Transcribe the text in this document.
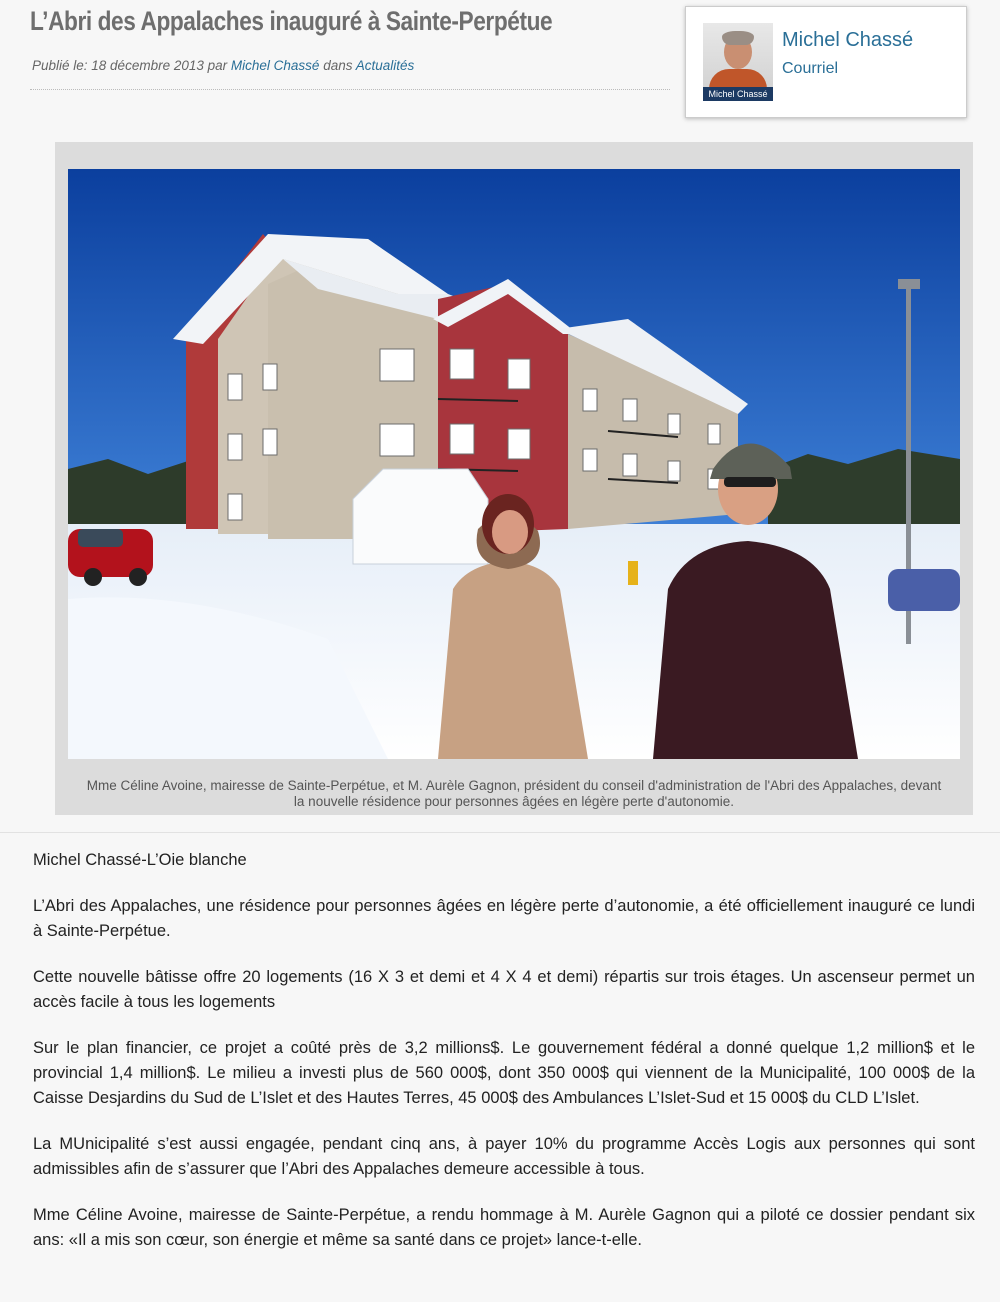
L’Abri des Appalaches inauguré à Sainte-Perpétue
Publié le: 18 décembre 2013 par Michel Chassé dans Actualités
Michel Chassé
Michel Chassé
Courriel
Mme Céline Avoine, mairesse de Sainte-Perpétue, et M. Aurèle Gagnon, président du conseil d'administration de l'Abri des Appalaches, devant la nouvelle résidence pour personnes âgées en légère perte d'autonomie.

Michel Chassé-L’Oie blanche

L’Abri des Appalaches, une résidence pour personnes âgées en légère perte d’autonomie, a été officiellement inauguré ce lundi à Sainte-Perpétue.

Cette nouvelle bâtisse offre 20 logements (16 X 3 et demi et 4 X 4 et demi) répartis sur trois étages. Un ascenseur permet un accès facile à tous les logements

Sur le plan financier, ce projet a coûté près de 3,2 millions$. Le gouvernement fédéral a donné quelque 1,2 million$ et le provincial 1,4 million$. Le milieu a investi plus de 560 000$, dont 350 000$ qui viennent de la Municipalité, 100 000$ de la Caisse Desjardins du Sud de L’Islet et des Hautes Terres, 45 000$ des Ambulances L’Islet-Sud et 15 000$ du CLD L’Islet.

La MUnicipalité s’est aussi engagée, pendant cinq ans, à payer 10% du programme Accès Logis aux personnes qui sont admissibles afin de s’assurer que l’Abri des Appalaches demeure accessible à tous.

Mme Céline Avoine, mairesse de Sainte-Perpétue, a rendu hommage à M. Aurèle Gagnon qui a piloté ce dossier pendant six ans: «Il a mis son cœur, son énergie et même sa santé dans ce projet» lance-t-elle.
